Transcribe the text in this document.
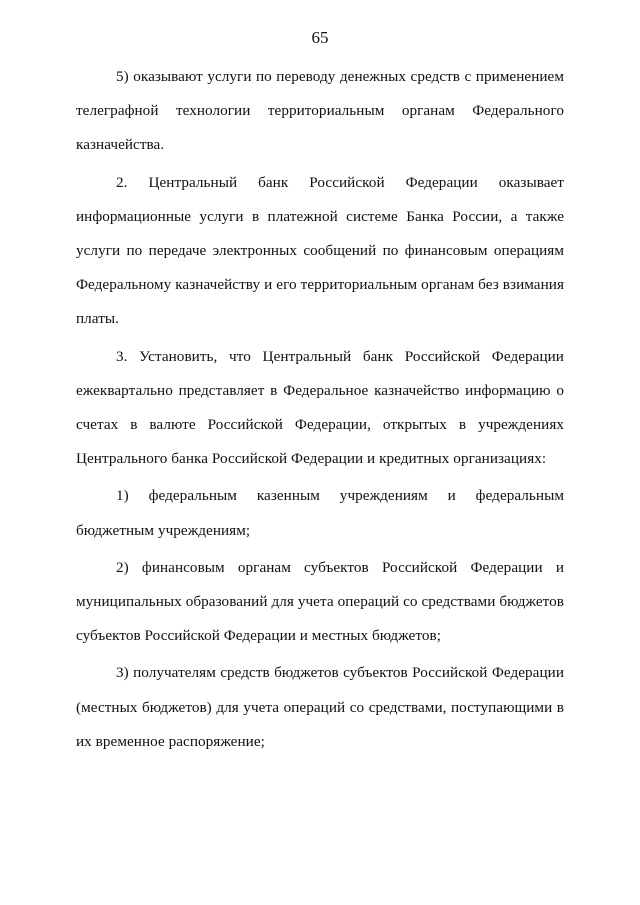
65

5) оказывают услуги по переводу денежных средств с применением телеграфной технологии территориальным органам Федерального казначейства.

2. Центральный банк Российской Федерации оказывает информационные услуги в платежной системе Банка России, а также услуги по передаче электронных сообщений по финансовым операциям Федеральному казначейству и его территориальным органам без взимания платы.

3. Установить, что Центральный банк Российской Федерации ежеквартально представляет в Федеральное казначейство информацию о счетах в валюте Российской Федерации, открытых в учреждениях Центрального банка Российской Федерации и кредитных организациях:

1) федеральным казенным учреждениям и федеральным бюджетным учреждениям;

2) финансовым органам субъектов Российской Федерации и муниципальных образований для учета операций со средствами бюджетов субъектов Российской Федерации и местных бюджетов;

3) получателям средств бюджетов субъектов Российской Федерации (местных бюджетов) для учета операций со средствами, поступающими в их временное распоряжение;
